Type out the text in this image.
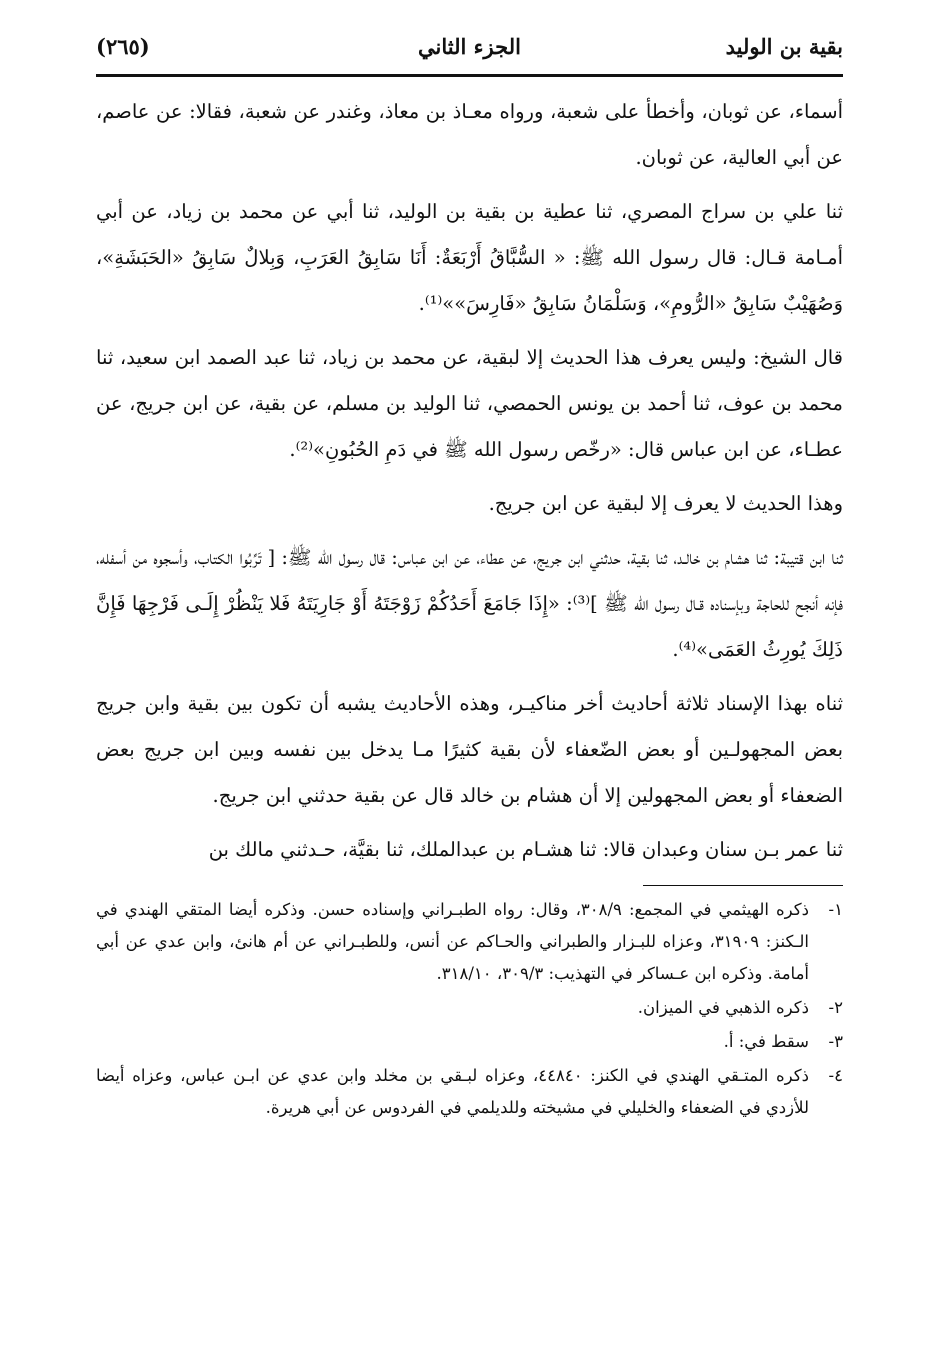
بقية بن الوليد
الجزء الثاني
(٢٦٥)

أسماء، عن ثوبان، وأخطأ على شعبة، ورواه معـاذ بن معاذ، وغندر عن شعبة، فقالا: عن عاصم، عن أبي العالية، عن ثوبان.

ثنا علي بن سراج المصري، ثنا عطية بن بقية بن الوليد، ثنا أبي عن محمد بن زياد، عن أبي أمـامة قـال: قال رسول الله ﷺ: « السُّبَّاقُ أَرْبَعَةٌ: أَنَا سَابِقُ العَرَبِ، وَبِلالٌ سَابِقُ «الحَبَشَةِ»، وَصُهَيْبٌ سَابِقُ «الرُّومِ»، وَسَلْمَانُ سَابِقُ «فَارِسَ»»⁽¹⁾.

قال الشيخ: وليس يعرف هذا الحديث إلا لبقية، عن محمد بن زياد، ثنا عبد الصمد ابن سعيد، ثنا محمد بن عوف، ثنا أحمد بن يونس الحمصي، ثنا الوليد بن مسلم، عن بقية، عن ابن جريج، عن عطـاء، عن ابن عباس قال: «رخّص رسول الله ﷺ في دَمِ الحُبُونِ»⁽²⁾.

وهذا الحديث لا يعرف إلا لبقية عن ابن جريج.

ثنا ابن قتيبة: ثنا هشام بن خالـد، ثنا بقية، حدثني ابن جريج، عن عطاء، عن ابن عباس: قال رسول الله ﷺ: [ تَرِّبُوا الكتاب، وأسجوه من أسفله، فإنه أنجح للحاجة وبإسناده قـال رسول الله ﷺ ]⁽³⁾: «إِذَا جَامَعَ أَحَدُكُمْ زَوْجَتَهُ أَوْ جَارِيَتَهُ فَلا يَنْظُرْ إِلَـى فَرْجِهَا فَإِنَّ ذَلِكَ يُورِثُ العَمَى»⁽⁴⁾.

ثناه بهذا الإسناد ثلاثة أحاديث أخر مناكيـر، وهذه الأحاديث يشبه أن تكون بين بقية وابن جريج بعض المجهولـين أو بعض الضّعفاء لأن بقية كثيرًا مـا يدخل بين نفسه وبين ابن جريج بعض الضعفاء أو بعض المجهولين إلا أن هشام بن خالد قال عن بقية حدثني ابن جريج.

ثنا عمر بـن سنان وعبدان قالا: ثنا هشـام بن عبدالملك، ثنا بقيَّة، حـدثني مالك بن

١-
ذكره الهيثمي في المجمع: ٣٠٨/٩، وقال: رواه الطبـراني وإسناده حسن. وذكره أيضا المتقي الهندي في الـكنز: ٣١٩٠٩، وعزاه للبـزار والطبراني والحـاكم عن أنس، وللطبـراني عن أم هانئ، وابن عدي عن أبي أمامة. وذكره ابن عـساكر في التهذيب: ٣٠٩/٣، ٣١٨/١٠.
٢-
ذكره الذهبي في الميزان.
٣-
سقط في: أ.
٤-
ذكره المتـقي الهندي في الكنز: ٤٤٨٤٠، وعزاه لبـقي بن مخلد وابن عدي عن ابـن عباس، وعزاه أيضا للأزدي في الضعفاء والخليلي في مشيخته وللديلمي في الفردوس عن أبي هريرة.
